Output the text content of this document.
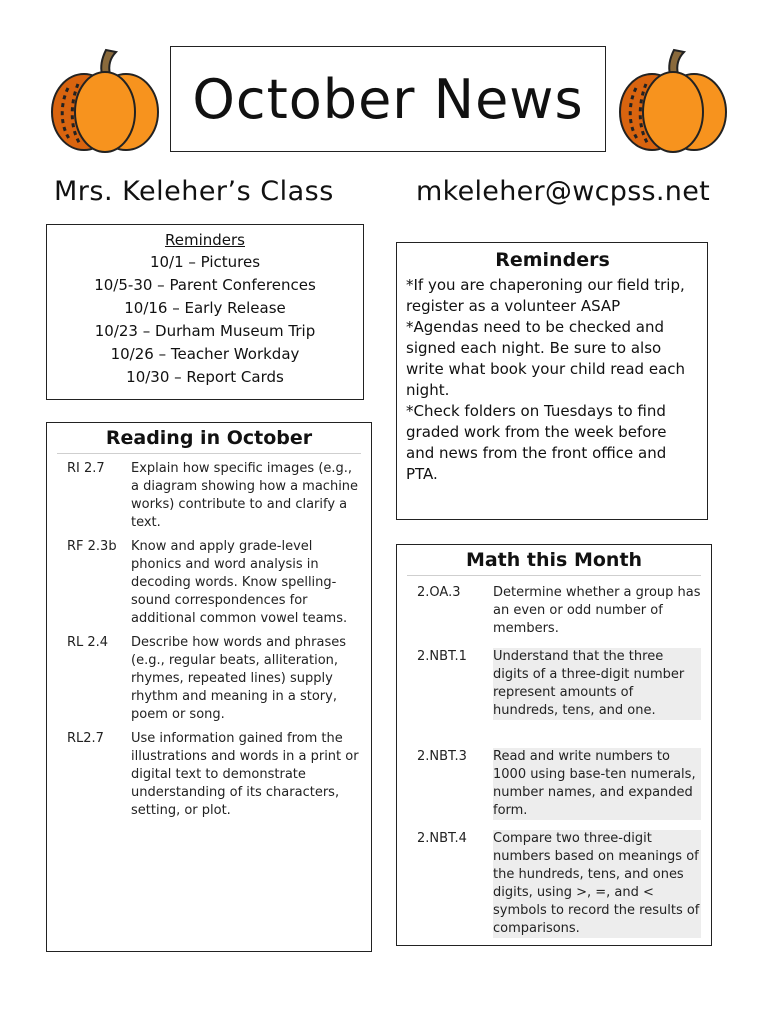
October News
Mrs. Keleher’s Class	mkeleher@wcpss.net
Reminders
10/1 – Pictures
10/5-30 – Parent Conferences
10/16 – Early Release
10/23 – Durham Museum Trip
10/26 – Teacher Workday
10/30 – Report Cards
Reminders

*If you are chaperoning our field trip, register as a volunteer ASAP

*Agendas need to be checked and signed each night. Be sure to also write what book your child read each night.

*Check folders on Tuesdays to find graded work from the week before and news from the front office and PTA.

Reading in October
RI 2.7	Explain how specific images (e.g., a diagram showing how a machine works) contribute to and clarify a text.
RF 2.3b	Know and apply grade-level phonics and word analysis in decoding words. Know spelling-sound correspondences for additional common vowel teams.
RL 2.4	Describe how words and phrases (e.g., regular beats, alliteration, rhymes, repeated lines) supply rhythm and meaning in a story, poem or song.
RL2.7	Use information gained from the illustrations and words in a print or digital text to demonstrate understanding of its characters, setting, or plot.
Math this Month
2.OA.3	Determine whether a group has an even or odd number of members.
2.NBT.1	Understand that the three digits of a three-digit number represent amounts of hundreds, tens, and one.
2.NBT.3	Read and write numbers to 1000 using base-ten numerals, number names, and expanded form.
2.NBT.4	Compare two three-digit numbers based on meanings of the hundreds, tens, and ones digits, using >, =, and < symbols to record the results of comparisons.
